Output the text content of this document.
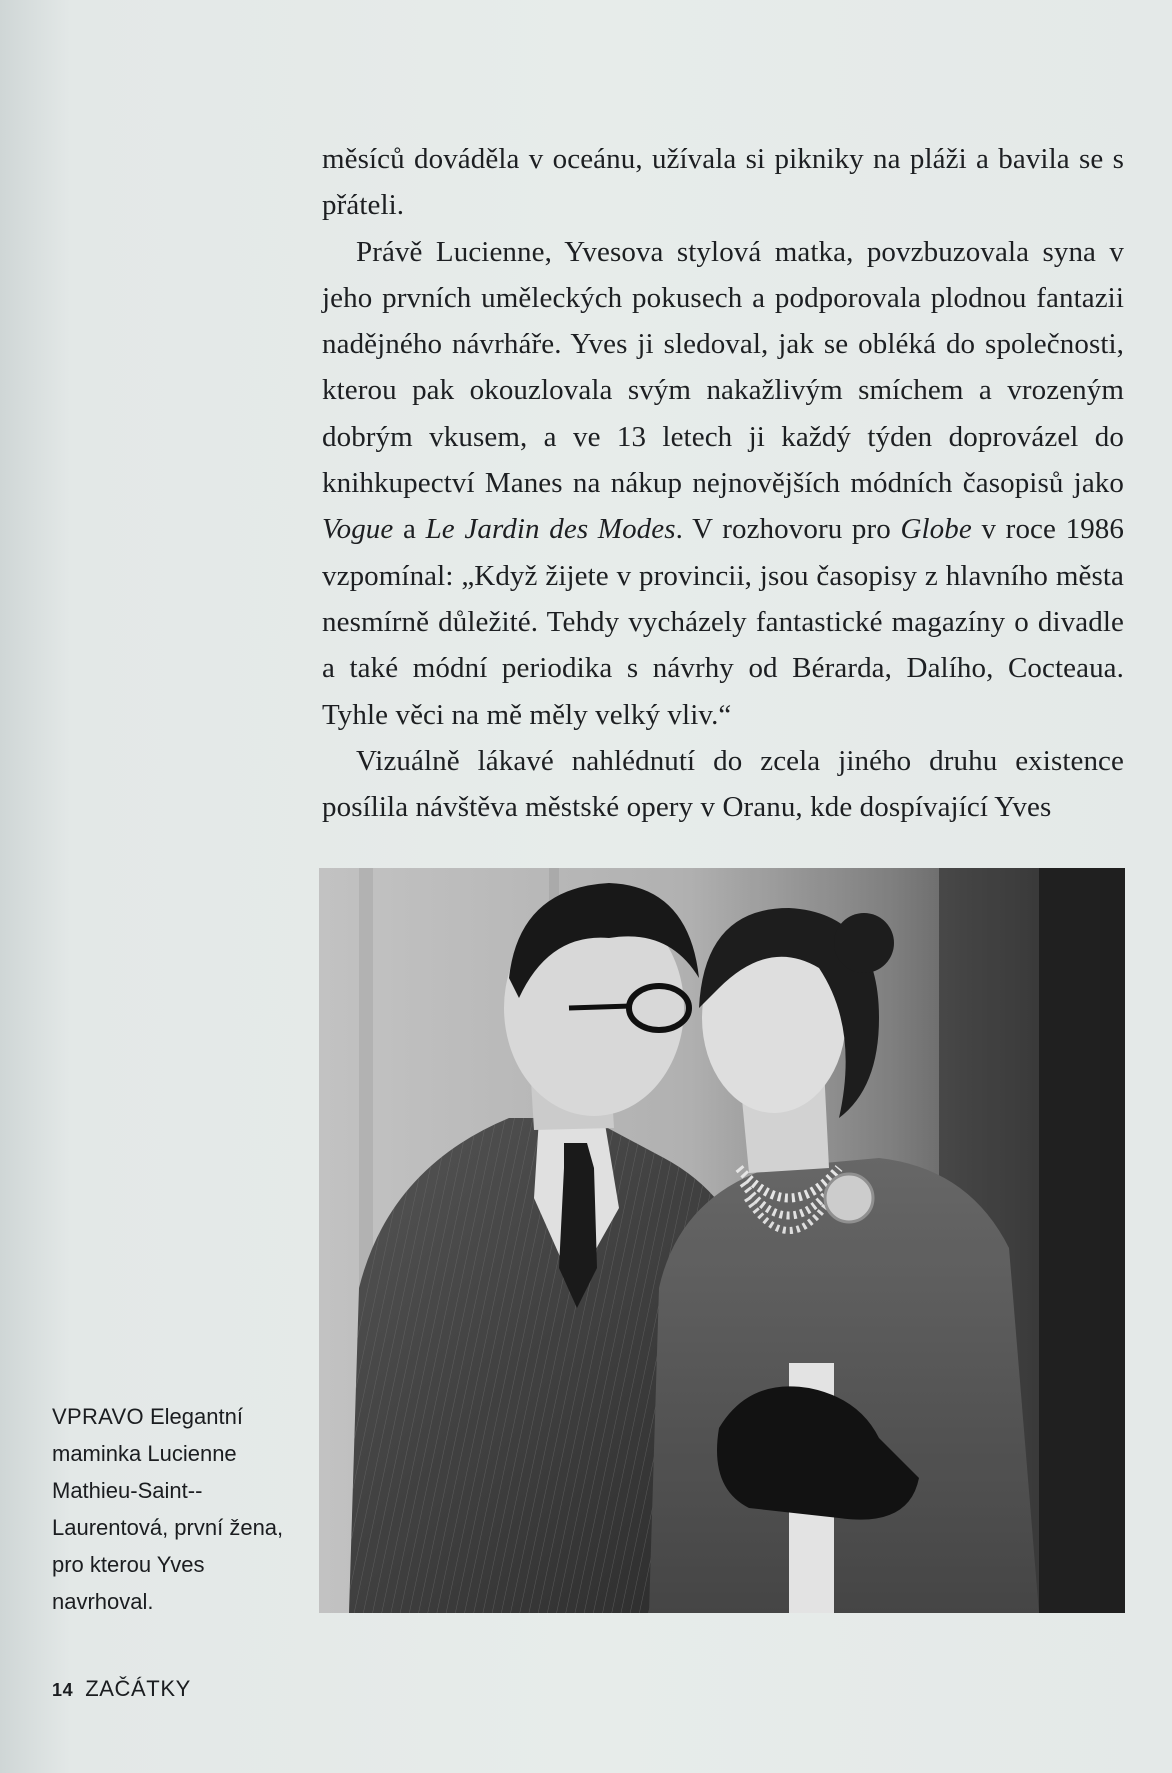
měsíců dováděla v oceánu, užívala si pikniky na pláži a bavila se s přáteli.

Právě Lucienne, Yvesova stylová matka, povzbuzovala syna v jeho prvních uměleckých pokusech a podporovala plodnou fantazii nadějného návrháře. Yves ji sledoval, jak se obléká do společnosti, kterou pak okouzlovala svým nakažlivým smíchem a vrozeným dobrým vkusem, a ve 13 letech ji každý týden doprovázel do knihkupectví Manes na nákup nejnovějších módních časopisů jako Vogue a Le Jardin des Modes. V rozhovoru pro Globe v roce 1986 vzpomínal: „Když žijete v provincii, jsou časopisy z hlavního města nesmírně důležité. Tehdy vycházely fantastické magazíny o divadle a také módní periodika s návrhy od Bérarda, Dalího, Cocteaua. Tyhle věci na mě měly velký vliv.“

Vizuálně lákavé nahlédnutí do zcela jiného druhu existence posílila návštěva městské opery v Oranu, kde dospívající Yves

VPRAVO Elegantní maminka Lucienne Mathieu-Saint--Laurentová, první žena, pro kterou Yves navrhoval.
14 ZAČÁTKY
